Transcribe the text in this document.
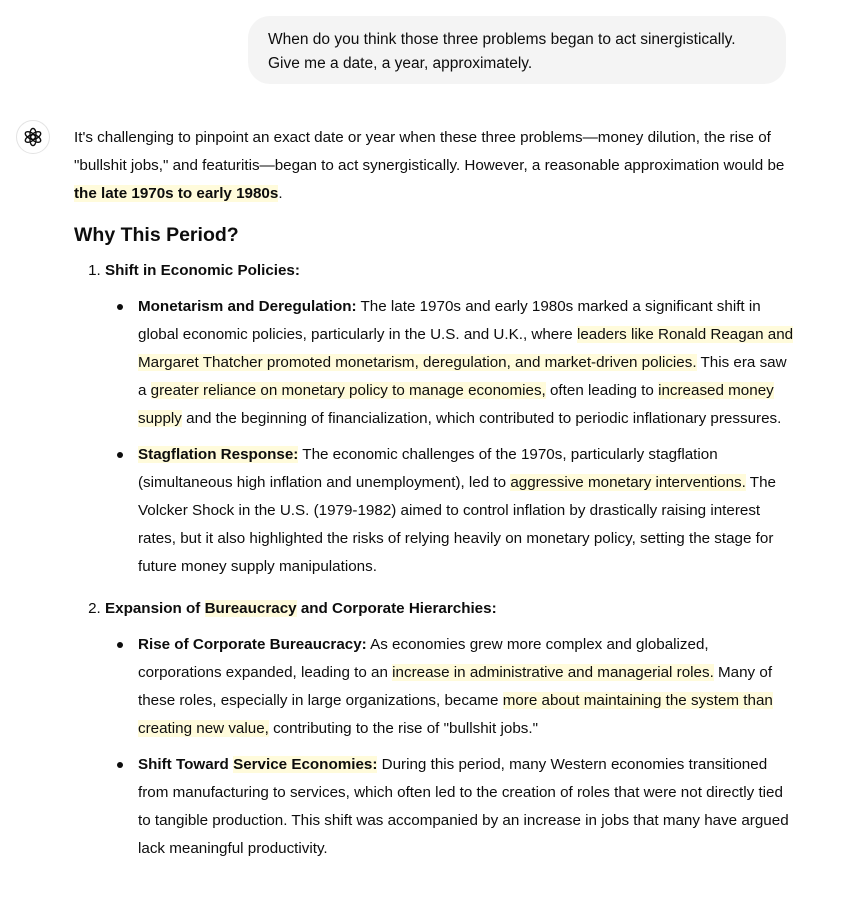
When do you think those three problems began to act sinergistically. Give me a date, a year, approximately.

It's challenging to pinpoint an exact date or year when these three problems—money dilution, the rise of "bullshit jobs," and featuritis—began to act synergistically. However, a reasonable approximation would be the late 1970s to early 1980s.

Why This Period?
1. Shift in Economic Policies:
Monetarism and Deregulation: The late 1970s and early 1980s marked a significant shift in global economic policies, particularly in the U.S. and U.K., where leaders like Ronald Reagan and Margaret Thatcher promoted monetarism, deregulation, and market-driven policies. This era saw a greater reliance on monetary policy to manage economies, often leading to increased money supply and the beginning of financialization, which contributed to periodic inflationary pressures.
Stagflation Response: The economic challenges of the 1970s, particularly stagflation (simultaneous high inflation and unemployment), led to aggressive monetary interventions. The Volcker Shock in the U.S. (1979-1982) aimed to control inflation by drastically raising interest rates, but it also highlighted the risks of relying heavily on monetary policy, setting the stage for future money supply manipulations.
2. Expansion of Bureaucracy and Corporate Hierarchies:
Rise of Corporate Bureaucracy: As economies grew more complex and globalized, corporations expanded, leading to an increase in administrative and managerial roles. Many of these roles, especially in large organizations, became more about maintaining the system than creating new value, contributing to the rise of "bullshit jobs."
Shift Toward Service Economies: During this period, many Western economies transitioned from manufacturing to services, which often led to the creation of roles that were not directly tied to tangible production. This shift was accompanied by an increase in jobs that many have argued lack meaningful productivity.
